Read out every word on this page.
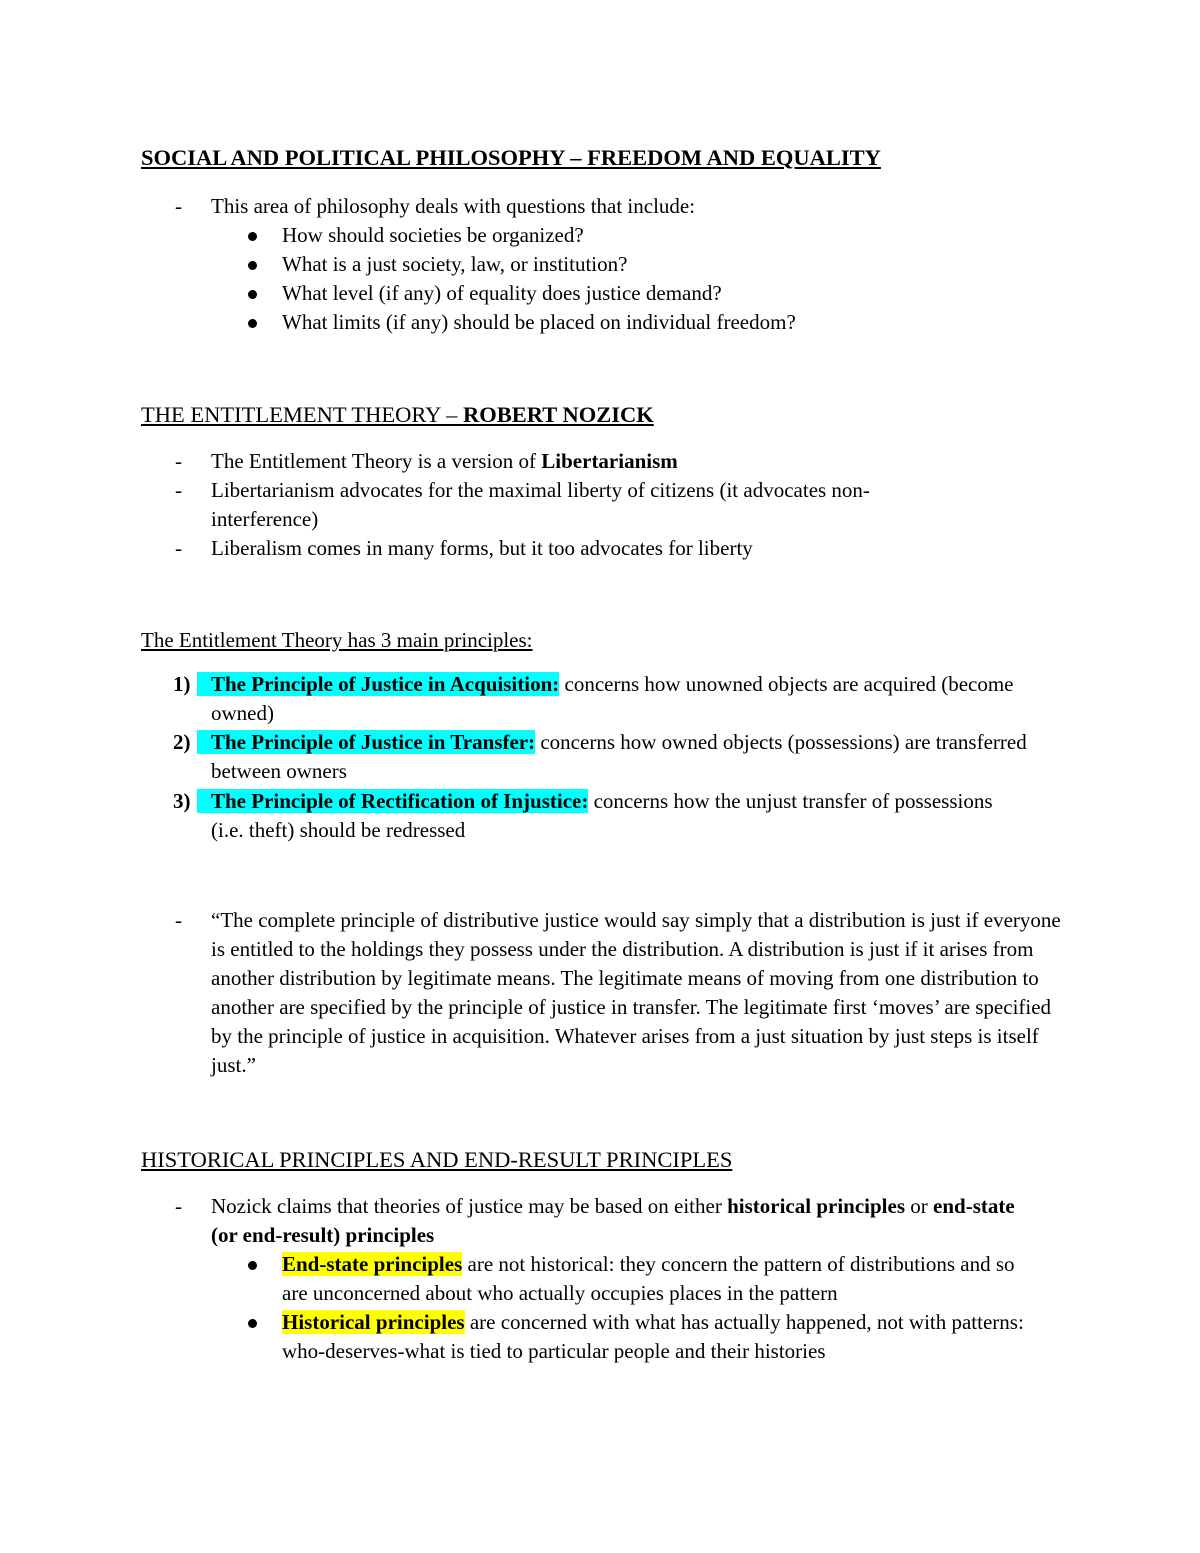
SOCIAL AND POLITICAL PHILOSOPHY – FREEDOM AND EQUALITY
- This area of philosophy deals with questions that include:
How should societies be organized?
What is a just society, law, or institution?
What level (if any) of equality does justice demand?
What limits (if any) should be placed on individual freedom?
THE ENTITLEMENT THEORY – ROBERT NOZICK
- The Entitlement Theory is a version of Libertarianism
- Libertarianism advocates for the maximal liberty of citizens (it advocates non-interference)
- Liberalism comes in many forms, but it too advocates for liberty
The Entitlement Theory has 3 main principles:
1) The Principle of Justice in Acquisition: concerns how unowned objects are acquired (become owned)
2) The Principle of Justice in Transfer: concerns how owned objects (possessions) are transferred between owners
3) The Principle of Rectification of Injustice: concerns how the unjust transfer of possessions (i.e. theft) should be redressed
- “The complete principle of distributive justice would say simply that a distribution is just if everyone is entitled to the holdings they possess under the distribution. A distribution is just if it arises from another distribution by legitimate means. The legitimate means of moving from one distribution to another are specified by the principle of justice in transfer. The legitimate first ‘moves’ are specified by the principle of justice in acquisition. Whatever arises from a just situation by just steps is itself just.”
HISTORICAL PRINCIPLES AND END-RESULT PRINCIPLES
- Nozick claims that theories of justice may be based on either historical principles or end-state (or end-result) principles
End-state principles are not historical: they concern the pattern of distributions and so are unconcerned about who actually occupies places in the pattern
Historical principles are concerned with what has actually happened, not with patterns: who-deserves-what is tied to particular people and their histories
